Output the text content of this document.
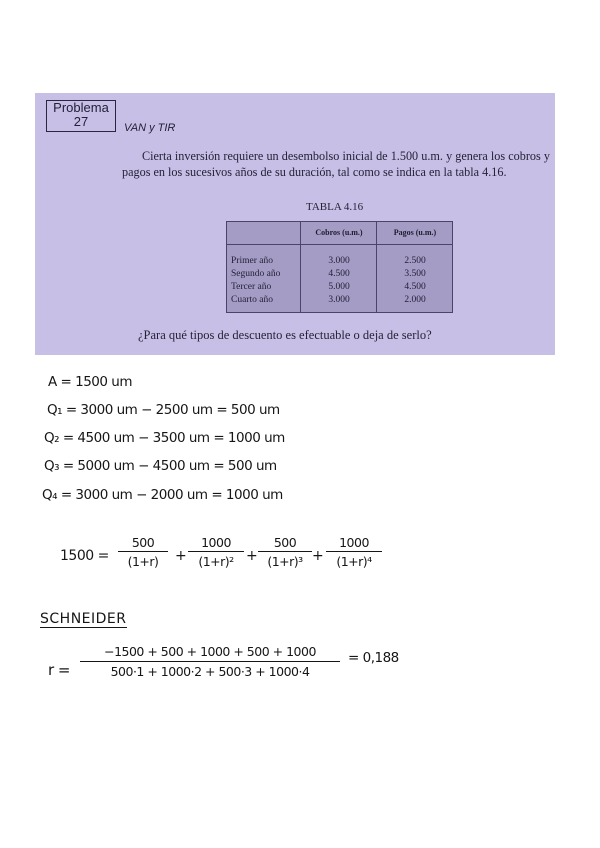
Problema
27	VAN y TIR

Cierta inversión requiere un desembolso inicial de 1.500 u.m. y genera los cobros y pagos en los sucesivos años de su duración, tal como se indica en la tabla 4.16.

TABLA 4.16
Primer año
Segundo año
Tercer año
Cuarto año
Cobros (u.m.)
3.000
4.500
5.000
3.000
Pagos (u.m.)
2.500
3.500
4.500
2.000
¿Para qué tipos de descuento es efectuable o deja de serlo?
A = 1500 um
Q₁ = 3000 um − 2500 um = 500 um
Q₂ = 4500 um − 3500 um = 1000 um
Q₃ = 5000 um − 4500 um = 500 um
Q₄ = 3000 um − 2000 um = 1000 um
$1500 = \frac{500}{(1+r)} + \frac{1000}{\text{(1+r)²}} + \frac{500}{\text{(1+r)³}} + \frac{1000}{\text{(1+r)⁴}}$
SCHNEIDER
$r = \frac{-1500 + 500 + 1000 + 500 + 1000}{500\cdot 1 + 1000\cdot 2 + 500\cdot 3 + 1000\cdot 4} = 0,188$
